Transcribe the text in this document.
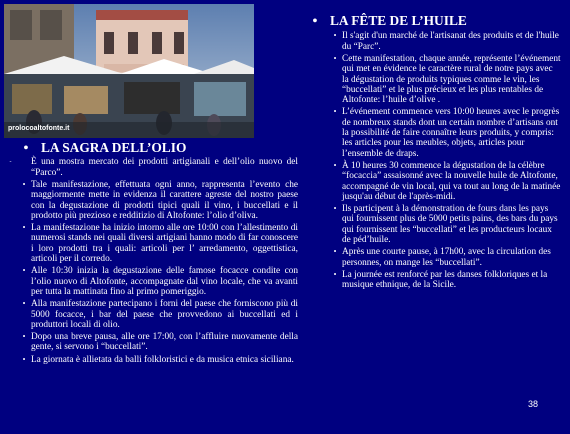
prolocoaltofonte.it
• LA SAGRA DELL’OLIO
-	È una mostra mercato dei prodotti artigianali e dell’olio nuovo del “Parco”.
• Tale manifestazione, effettuata ogni anno, rappresenta l’evento che maggiormente mette in evidenza il carattere agreste del nostro paese con la degustazione di prodotti tipici quali il vino, i buccellati e il prodotto più prezioso e redditizio di Altofonte: l’olio d’oliva.
• La manifestazione ha inizio intorno alle ore 10:00 con l’allestimento di numerosi stands nei quali diversi artigiani hanno modo di far conoscere i loro prodotti tra i quali: articoli per l’ arredamento, oggettistica, articoli per il corredo.
• Alle 10:30 inizia la degustazione delle famose focacce condite con l’olio nuovo di Altofonte, accompagnate dal vino locale, che va avanti per tutta la mattinata fino al primo pomeriggio.
• Alla manifestazione partecipano i forni del paese che forniscono più di 5000 focacce, i bar del paese che provvedono ai buccellati ed i produttori locali di olio.
• Dopo una breve pausa, alle ore 17:00, con l’affluire nuovamente della gente, si servono i “buccellati”.
• La giornata è allietata da balli folkloristici e da musica etnica siciliana.
• LA FÊTE DE L’HUILE
• Il s'agit d'un marché de l'artisanat des produits et de l'huile du “Parc”.
• Cette manifestation, chaque année, représente l’événement qui met en évidence le caractère rural de notre pays avec la dégustation de produits typiques comme le vin, les “buccellati” et le plus précieux et les plus rentables de Altofonte: l’huile d’olive .
• L’événement commence vers 10:00 heures avec le progrès de nombreux stands dont un certain nombre d’artisans ont la possibilité de faire connaître leurs produits, y compris: les articles pour les meubles, objets, articles pour l’ensemble de draps.
• À 10 heures 30 commence la dégustation de la célèbre “focaccia” assaisonné avec la nouvelle huile de Altofonte, accompagné de vin local, qui va tout au long de la matinée jusqu'au début de l'après-midi.
• Ils participent à la démonstration de fours dans les pays qui fournissent plus de 5000 petits pains, des bars du pays qui fournissent les “buccellati” et les producteurs locaux de péd’huile.
• Après une courte pause, à 17h00, avec la circulation des personnes, on mange les “buccellati”.
• La journée est renforcé par les danses folkloriques et la musique ethnique, de la Sicile.
38
